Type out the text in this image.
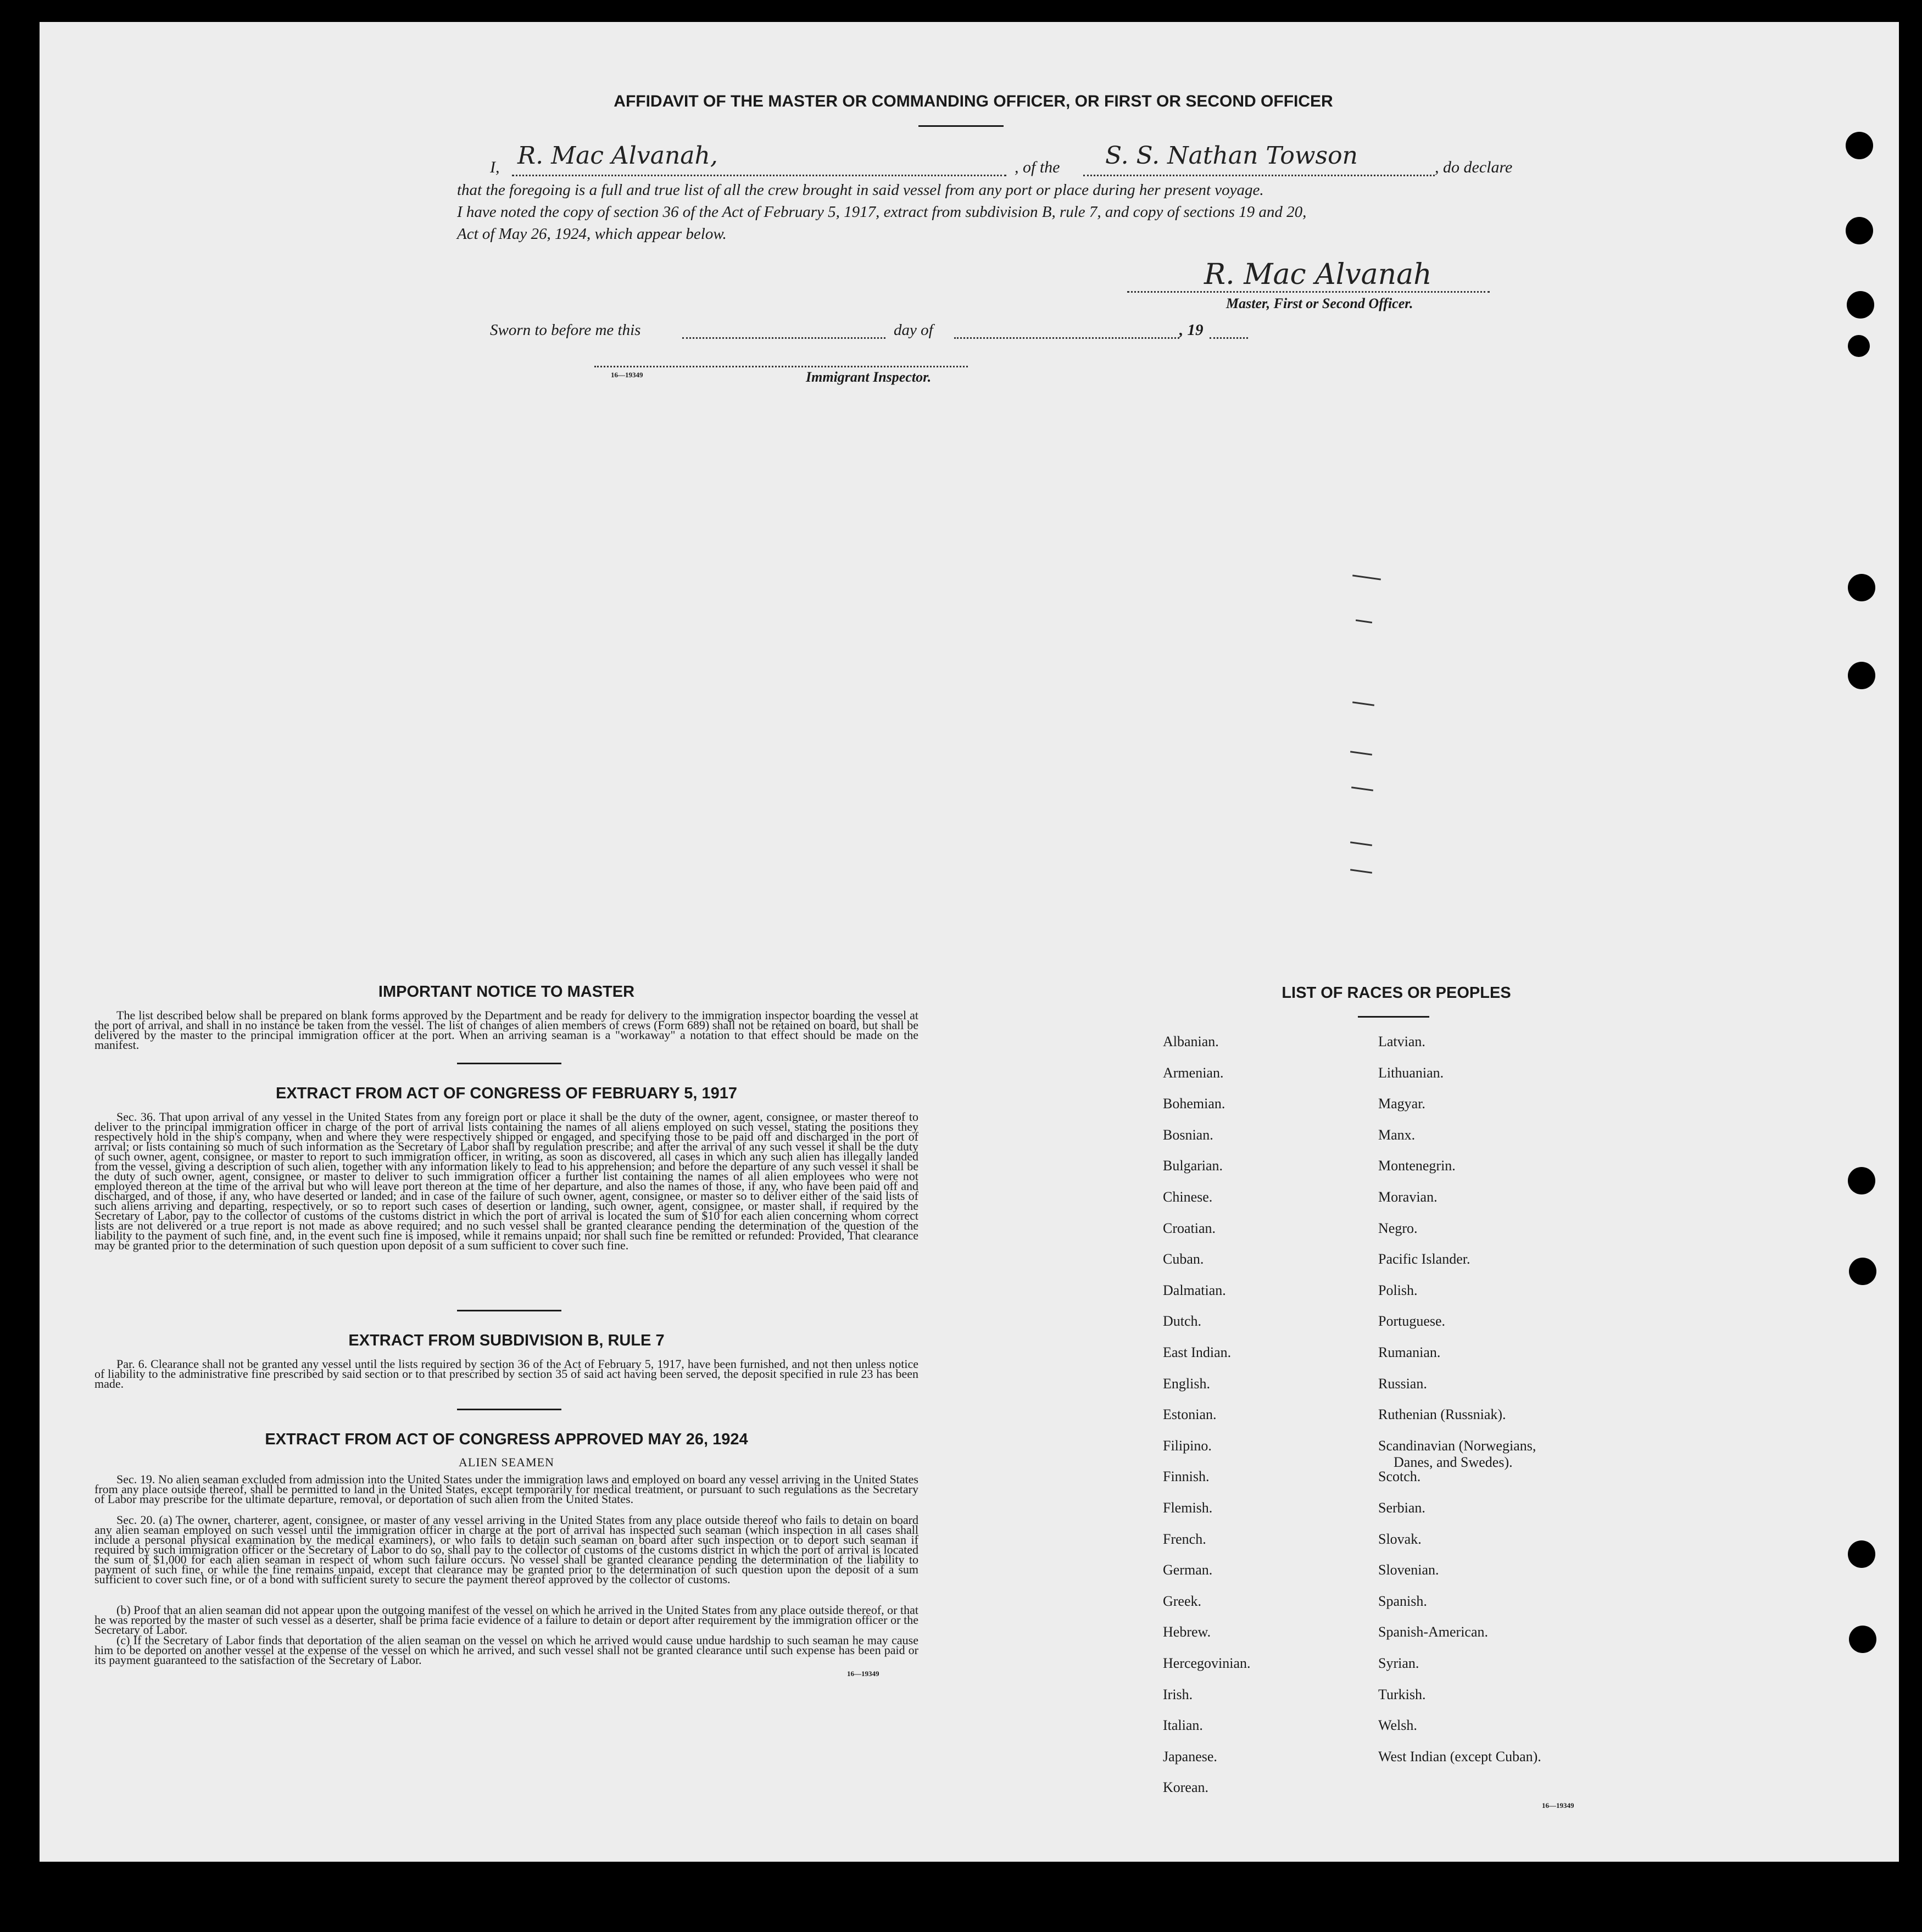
AFFIDAVIT OF THE MASTER OR COMMANDING OFFICER, OR FIRST OR SECOND OFFICER
I, R. Mac Alvanah,	, of the S. S. Nathan Towson	, do declare
that the foregoing is a full and true list of all the crew brought in said vessel from any port or place during her present voyage.
I have noted the copy of section 36 of the Act of February 5, 1917, extract from subdivision B, rule 7, and copy of sections 19 and 20,
Act of May 26, 1924, which appear below.
R. Mac Alvanah
Master, First or Second Officer.
Sworn to before me this	day of	, 19
16—19349	Immigrant Inspector.
IMPORTANT NOTICE TO MASTER
The list described below shall be prepared on blank forms approved by the Department and be ready for delivery to the immigration inspector boarding the vessel at the port of arrival, and shall in no instance be taken from the vessel. The list of changes of alien members of crews (Form 689) shall not be retained on board, but shall be delivered by the master to the principal immigration officer at the port. When an arriving seaman is a "workaway" a notation to that effect should be made on the manifest.
EXTRACT FROM ACT OF CONGRESS OF FEBRUARY 5, 1917
Sec. 36. That upon arrival of any vessel in the United States from any foreign port or place it shall be the duty of the owner, agent, consignee, or master thereof to deliver to the principal immigration officer in charge of the port of arrival lists containing the names of all aliens employed on such vessel, stating the positions they respectively hold in the ship's company, when and where they were respectively shipped or engaged, and specifying those to be paid off and discharged in the port of arrival; or lists containing so much of such information as the Secretary of Labor shall by regulation prescribe; and after the arrival of any such vessel it shall be the duty of such owner, agent, consignee, or master to report to such immigration officer, in writing, as soon as discovered, all cases in which any such alien has illegally landed from the vessel, giving a description of such alien, together with any information likely to lead to his apprehension; and before the departure of any such vessel it shall be the duty of such owner, agent, consignee, or master to deliver to such immigration officer a further list containing the names of all alien employees who were not employed thereon at the time of the arrival but who will leave port thereon at the time of her departure, and also the names of those, if any, who have been paid off and discharged, and of those, if any, who have deserted or landed; and in case of the failure of such owner, agent, consignee, or master so to deliver either of the said lists of such aliens arriving and departing, respectively, or so to report such cases of desertion or landing, such owner, agent, consignee, or master shall, if required by the Secretary of Labor, pay to the collector of customs of the customs district in which the port of arrival is located the sum of $10 for each alien concerning whom correct lists are not delivered or a true report is not made as above required; and no such vessel shall be granted clearance pending the determination of the question of the liability to the payment of such fine, and, in the event such fine is imposed, while it remains unpaid; nor shall such fine be remitted or refunded: Provided, That clearance may be granted prior to the determination of such question upon deposit of a sum sufficient to cover such fine.
EXTRACT FROM SUBDIVISION B, RULE 7
Par. 6. Clearance shall not be granted any vessel until the lists required by section 36 of the Act of February 5, 1917, have been furnished, and not then unless notice of liability to the administrative fine prescribed by said section or to that prescribed by section 35 of said act having been served, the deposit specified in rule 23 has been made.
EXTRACT FROM ACT OF CONGRESS APPROVED MAY 26, 1924
ALIEN SEAMEN
Sec. 19. No alien seaman excluded from admission into the United States under the immigration laws and employed on board any vessel arriving in the United States from any place outside thereof, shall be permitted to land in the United States, except temporarily for medical treatment, or pursuant to such regulations as the Secretary of Labor may prescribe for the ultimate departure, removal, or deportation of such alien from the United States.
Sec. 20. (a) The owner, charterer, agent, consignee, or master of any vessel arriving in the United States from any place outside thereof who fails to detain on board any alien seaman employed on such vessel until the immigration officer in charge at the port of arrival has inspected such seaman (which inspection in all cases shall include a personal physical examination by the medical examiners), or who fails to detain such seaman on board after such inspection or to deport such seaman if required by such immigration officer or the Secretary of Labor to do so, shall pay to the collector of customs of the customs district in which the port of arrival is located the sum of $1,000 for each alien seaman in respect of whom such failure occurs. No vessel shall be granted clearance pending the determination of the liability to payment of such fine, or while the fine remains unpaid, except that clearance may be granted prior to the determination of such question upon the deposit of a sum sufficient to cover such fine, or of a bond with sufficient surety to secure the payment thereof approved by the collector of customs.
(b) Proof that an alien seaman did not appear upon the outgoing manifest of the vessel on which he arrived in the United States from any place outside thereof, or that he was reported by the master of such vessel as a deserter, shall be prima facie evidence of a failure to detain or deport after requirement by the immigration officer or the Secretary of Labor.
(c) If the Secretary of Labor finds that deportation of the alien seaman on the vessel on which he arrived would cause undue hardship to such seaman he may cause him to be deported on another vessel at the expense of the vessel on which he arrived, and such vessel shall not be granted clearance until such expense has been paid or its payment guaranteed to the satisfaction of the Secretary of Labor.
16—19349
LIST OF RACES OR PEOPLES
16—19349
Albanian.
Armenian.
Bohemian.
Bosnian.
Bulgarian.
Chinese.
Croatian.
Cuban.
Dalmatian.
Dutch.
East Indian.
English.
Estonian.
Filipino.
Finnish.
Flemish.
French.
German.
Greek.
Hebrew.
Hercegovinian.
Irish.
Italian.
Japanese.
Korean.
Latvian.
Lithuanian.
Magyar.
Manx.
Montenegrin.
Moravian.
Negro.
Pacific Islander.
Polish.
Portuguese.
Rumanian.
Russian.
Ruthenian (Russniak).
Scandinavian (Norwegians,
Danes, and Swedes).
Scotch.
Serbian.
Slovak.
Slovenian.
Spanish.
Spanish-American.
Syrian.
Turkish.
Welsh.
West Indian (except Cuban).
